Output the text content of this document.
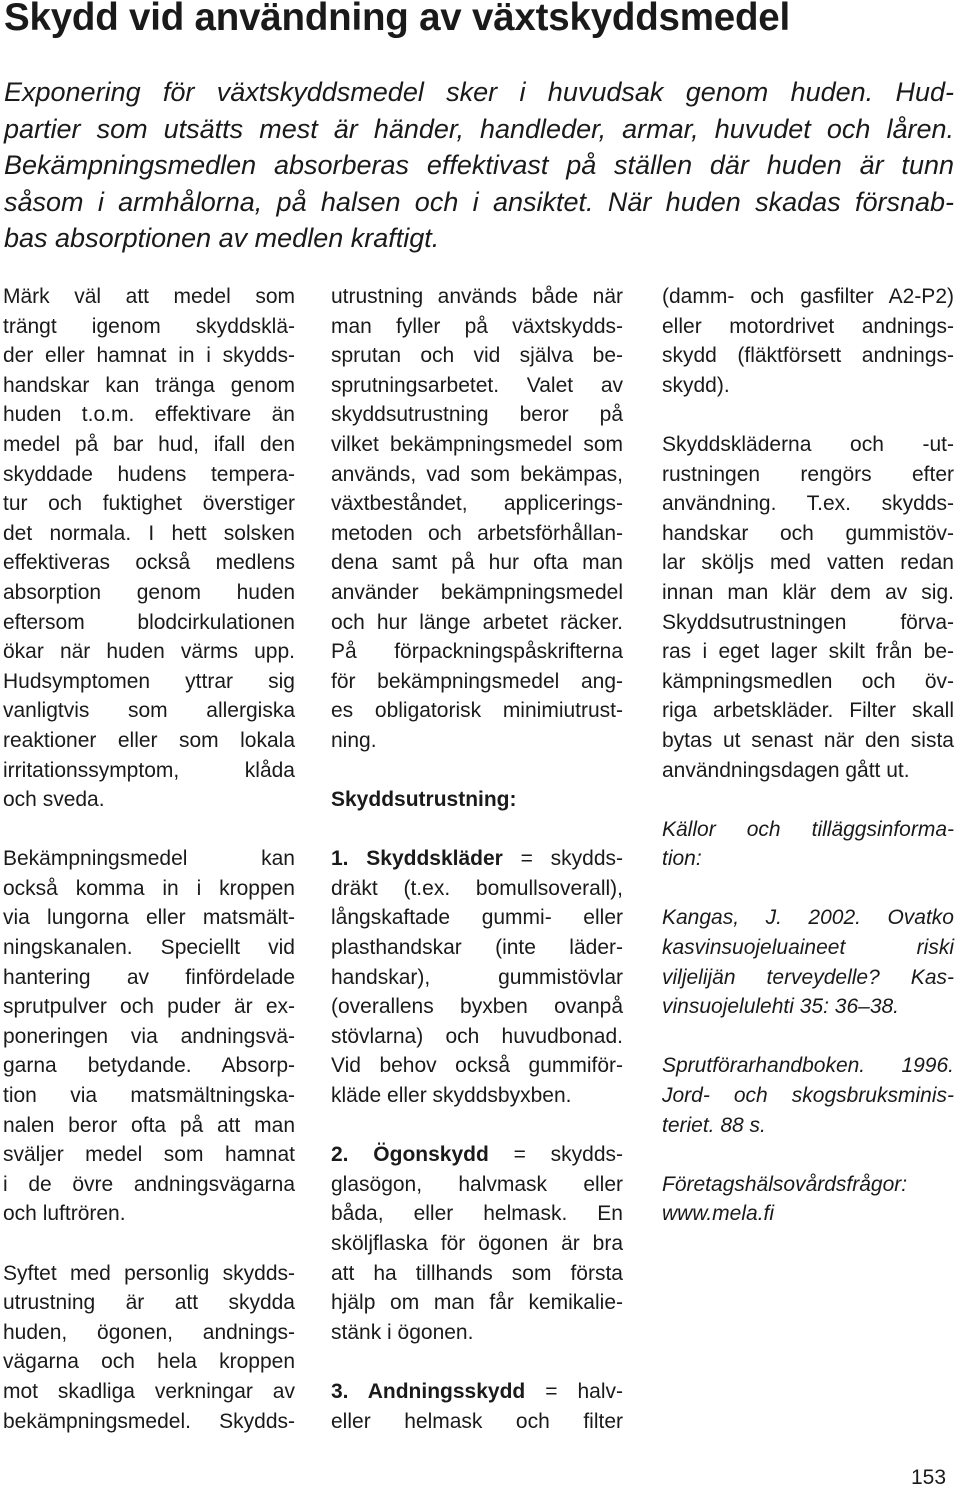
Skydd vid användning av växtskyddsmedel
Exponering för växtskyddsmedel sker i huvudsak genom huden. Hud-
partier som utsätts mest är händer, handleder, armar, huvudet och låren.
Bekämpningsmedlen absorberas effektivast på ställen där huden är tunn
såsom i armhålorna, på halsen och i ansiktet. När huden skadas försnab-
bas absorptionen av medlen kraftigt.
Märk väl att medel som
trängt igenom skyddsklä-
der eller hamnat in i skydds-
handskar kan tränga genom
huden t.o.m. effektivare än
medel på bar hud, ifall den
skyddade hudens tempera-
tur och fuktighet överstiger
det normala. I hett solsken
effektiveras också medlens
absorption genom huden
eftersom blodcirkulationen
ökar när huden värms upp.
Hudsymptomen yttrar sig
vanligtvis som allergiska
reaktioner eller som lokala
irritationssymptom, klåda
och sveda.
Bekämpningsmedel kan
också komma in i kroppen
via lungorna eller matsmält-
ningskanalen. Speciellt vid
hantering av finfördelade
sprutpulver och puder är ex-
poneringen via andningsvä-
garna betydande. Absorp-
tion via matsmältningska-
nalen beror ofta på att man
sväljer medel som hamnat
i de övre andningsvägarna
och luftrören.
Syftet med personlig skydds-
utrustning är att skydda
huden, ögonen, andnings-
vägarna och hela kroppen
mot skadliga verkningar av
bekämpningsmedel. Skydds-
utrustning används både när
man fyller på växtskydds-
sprutan och vid själva be-
sprutningsarbetet. Valet av
skyddsutrustning beror på
vilket bekämpningsmedel som
används, vad som bekämpas,
växtbeståndet, applicerings-
metoden och arbetsförhållan-
dena samt på hur ofta man
använder bekämpningsmedel
och hur länge arbetet räcker.
På förpackningspåskrifterna
för bekämpningsmedel ang-
es obligatorisk minimiutrust-
ning.
Skyddsutrustning:
1. Skyddskläder = skydds-
dräkt (t.ex. bomullsoverall),
långskaftade gummi- eller
plasthandskar (inte läder-
handskar), gummistövlar
(overallens byxben ovanpå
stövlarna) och huvudbonad.
Vid behov också gummiför-
kläde eller skyddsbyxben.
2. Ögonskydd = skydds-
glasögon, halvmask eller
båda, eller helmask. En
sköljflaska för ögonen är bra
att ha tillhands som första
hjälp om man får kemikalie-
stänk i ögonen.
3. Andningsskydd = halv-
eller helmask och filter
(damm- och gasfilter A2-P2)
eller motordrivet andnings-
skydd (fläktförsett andnings-
skydd).
Skyddskläderna och -ut-
rustningen rengörs efter
användning. T.ex. skydds-
handskar och gummistöv-
lar sköljs med vatten redan
innan man klär dem av sig.
Skyddsutrustningen förva-
ras i eget lager skilt från be-
kämpningsmedlen och öv-
riga arbetskläder. Filter skall
bytas ut senast när den sista
användningsdagen gått ut.
Källor och tilläggsinforma-
tion:
Kangas, J. 2002. Ovatko
kasvinsuojeluaineet riski
viljelijän terveydelle? Kas-
vinsuojelulehti 35: 36–38.
Sprutförarhandboken. 1996.
Jord- och skogsbruksminis-
teriet. 88 s.
Företagshälsovårdsfrågor:
www.mela.fi
153
